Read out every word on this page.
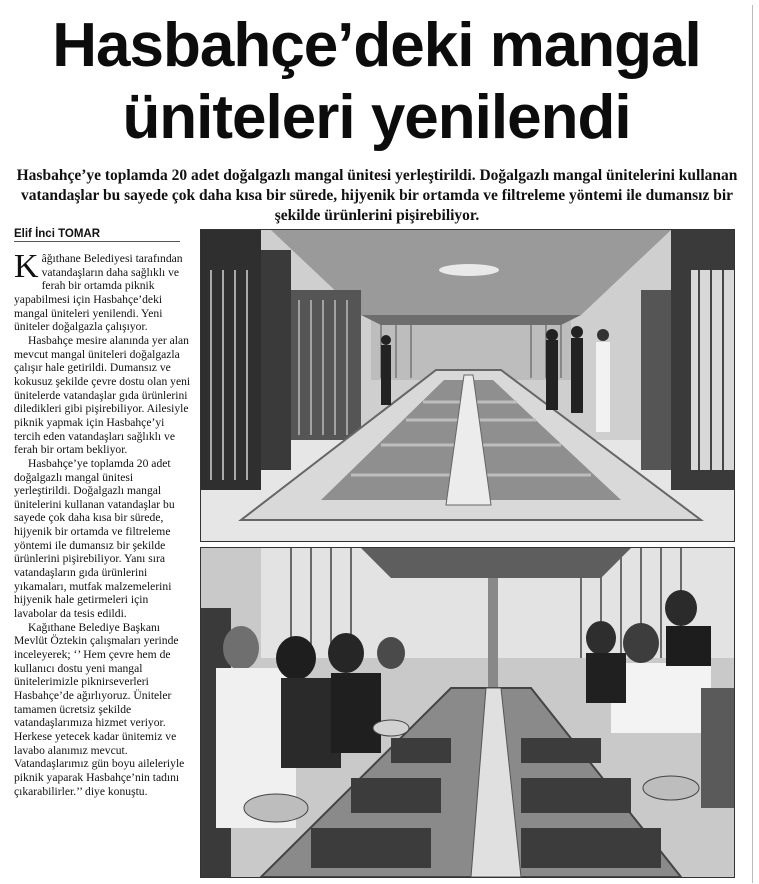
Hasbahçe’deki mangal
üniteleri yenilendi
Hasbahçe’ye toplamda 20 adet doğalgazlı mangal ünitesi yerleştirildi. Doğalgazlı mangal ünitelerini kullanan vatandaşlar bu sayede çok daha kısa bir sürede, hijyenik bir ortamda ve filtreleme yöntemi ile dumansız bir şekilde ürünlerini pişirebiliyor.
Elif İnci TOMAR

Kâğıthane Belediyesi tarafından vatandaşların daha sağlıklı ve ferah bir ortamda piknik yapabilmesi için Hasbahçe’deki mangal üniteleri yenilendi. Yeni üniteler doğalgazla çalışıyor.

Hasbahçe mesire alanında yer alan mevcut mangal üniteleri doğalgazla çalışır hale getirildi. Dumansız ve kokusuz şekilde çevre dostu olan yeni ünitelerde vatandaşlar gıda ürünlerini diledikleri gibi pişirebiliyor. Ailesiyle piknik yapmak için Hasbahçe’yi tercih eden vatandaşları sağlıklı ve ferah bir ortam bekliyor.

Hasbahçe’ye toplamda 20 adet doğalgazlı mangal ünitesi yerleştirildi. Doğalgazlı mangal ünitelerini kullanan vatandaşlar bu sayede çok daha kısa bir sürede, hijyenik bir ortamda ve filtreleme yöntemi ile dumansız bir şekilde ürünlerini pişirebiliyor. Yanı sıra vatandaşların gıda ürünlerini yıkamaları, mutfak malzemelerini hijyenik hale getirmeleri için lavabolar da tesis edildi.

Kağıthane Belediye Başkanı Mevlüt Öztekin çalışmaları yerinde inceleyerek; ‘’ Hem çevre hem de kullanıcı dostu yeni mangal ünitelerimizle piknirseverleri Hasbahçe’de ağırlıyoruz. Üniteler tamamen ücretsiz şekilde vatandaşlarımıza hizmet veriyor. Herkese yetecek kadar ünitemiz ve lavabo alanımız mevcut. Vatandaşlarımız gün boyu aileleriyle piknik yaparak Hasbahçe’nin tadını çıkarabilirler.’’ diye konuştu.
